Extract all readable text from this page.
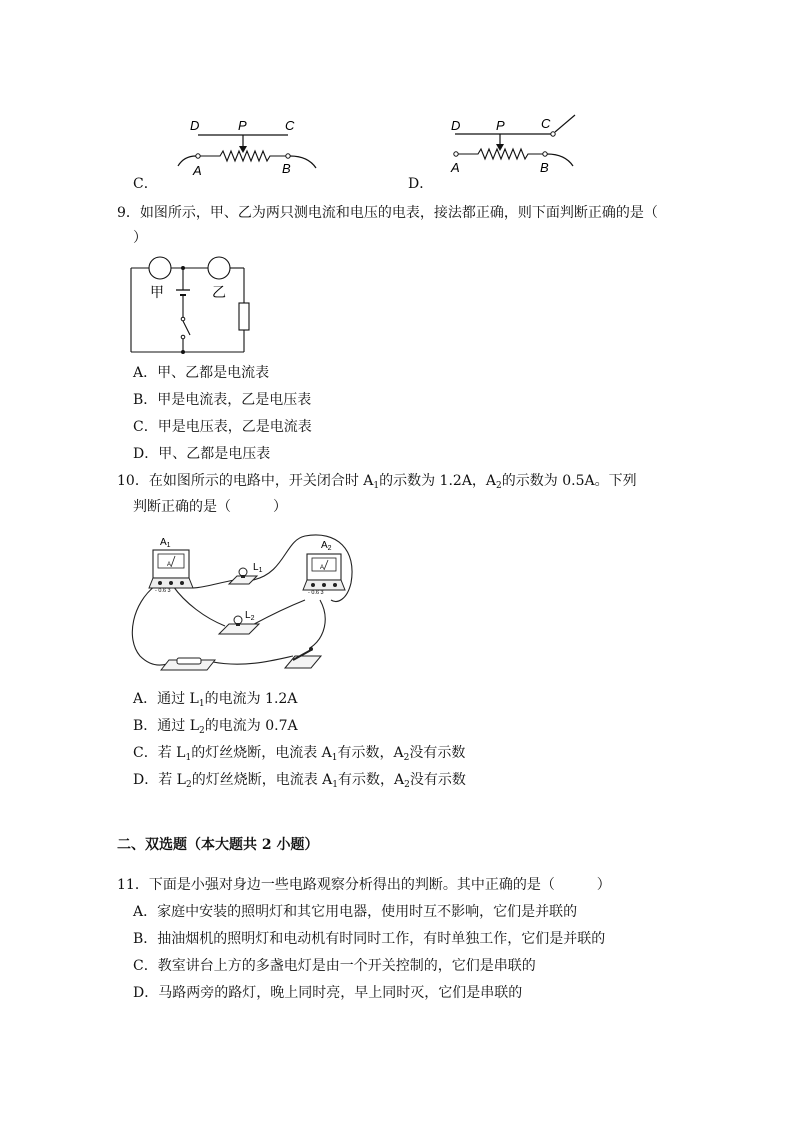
D	P	C
A	B
C．
D	P	C
A	B
D．
9．如图所示，甲、乙为两只测电流和电压的电表，接法都正确，则下面判断正确的是（
）
甲	乙
A．甲、乙都是电流表
B．甲是电流表，乙是电压表
C．甲是电压表，乙是电流表
D．甲、乙都是电压表
10．在如图所示的电路中，开关闭合时 $A_1$的示数为 1.2A，$A_2$的示数为 0.5A。下列
判断正确的是（　　　）
A
- 0.6 3
$A_1$
$L_1$	A
- 0.6 3
$A_2$
$L_2$
A．通过 $L_1$的电流为 1.2A
B．通过 $L_2$的电流为 0.7A
C．若 $L_1$的灯丝烧断，电流表 $A_1$有示数，$A_2$没有示数
D．若 $L_2$的灯丝烧断，电流表 $A_1$有示数，$A_2$没有示数
二、双选题（本大题共 2 小题）
11．下面是小强对身边一些电路观察分析得出的判断。其中正确的是（　　　）
A．家庭中安装的照明灯和其它用电器，使用时互不影响，它们是并联的
B．抽油烟机的照明灯和电动机有时同时工作，有时单独工作，它们是并联的
C．教室讲台上方的多盏电灯是由一个开关控制的，它们是串联的
D．马路两旁的路灯，晚上同时亮，早上同时灭，它们是串联的
